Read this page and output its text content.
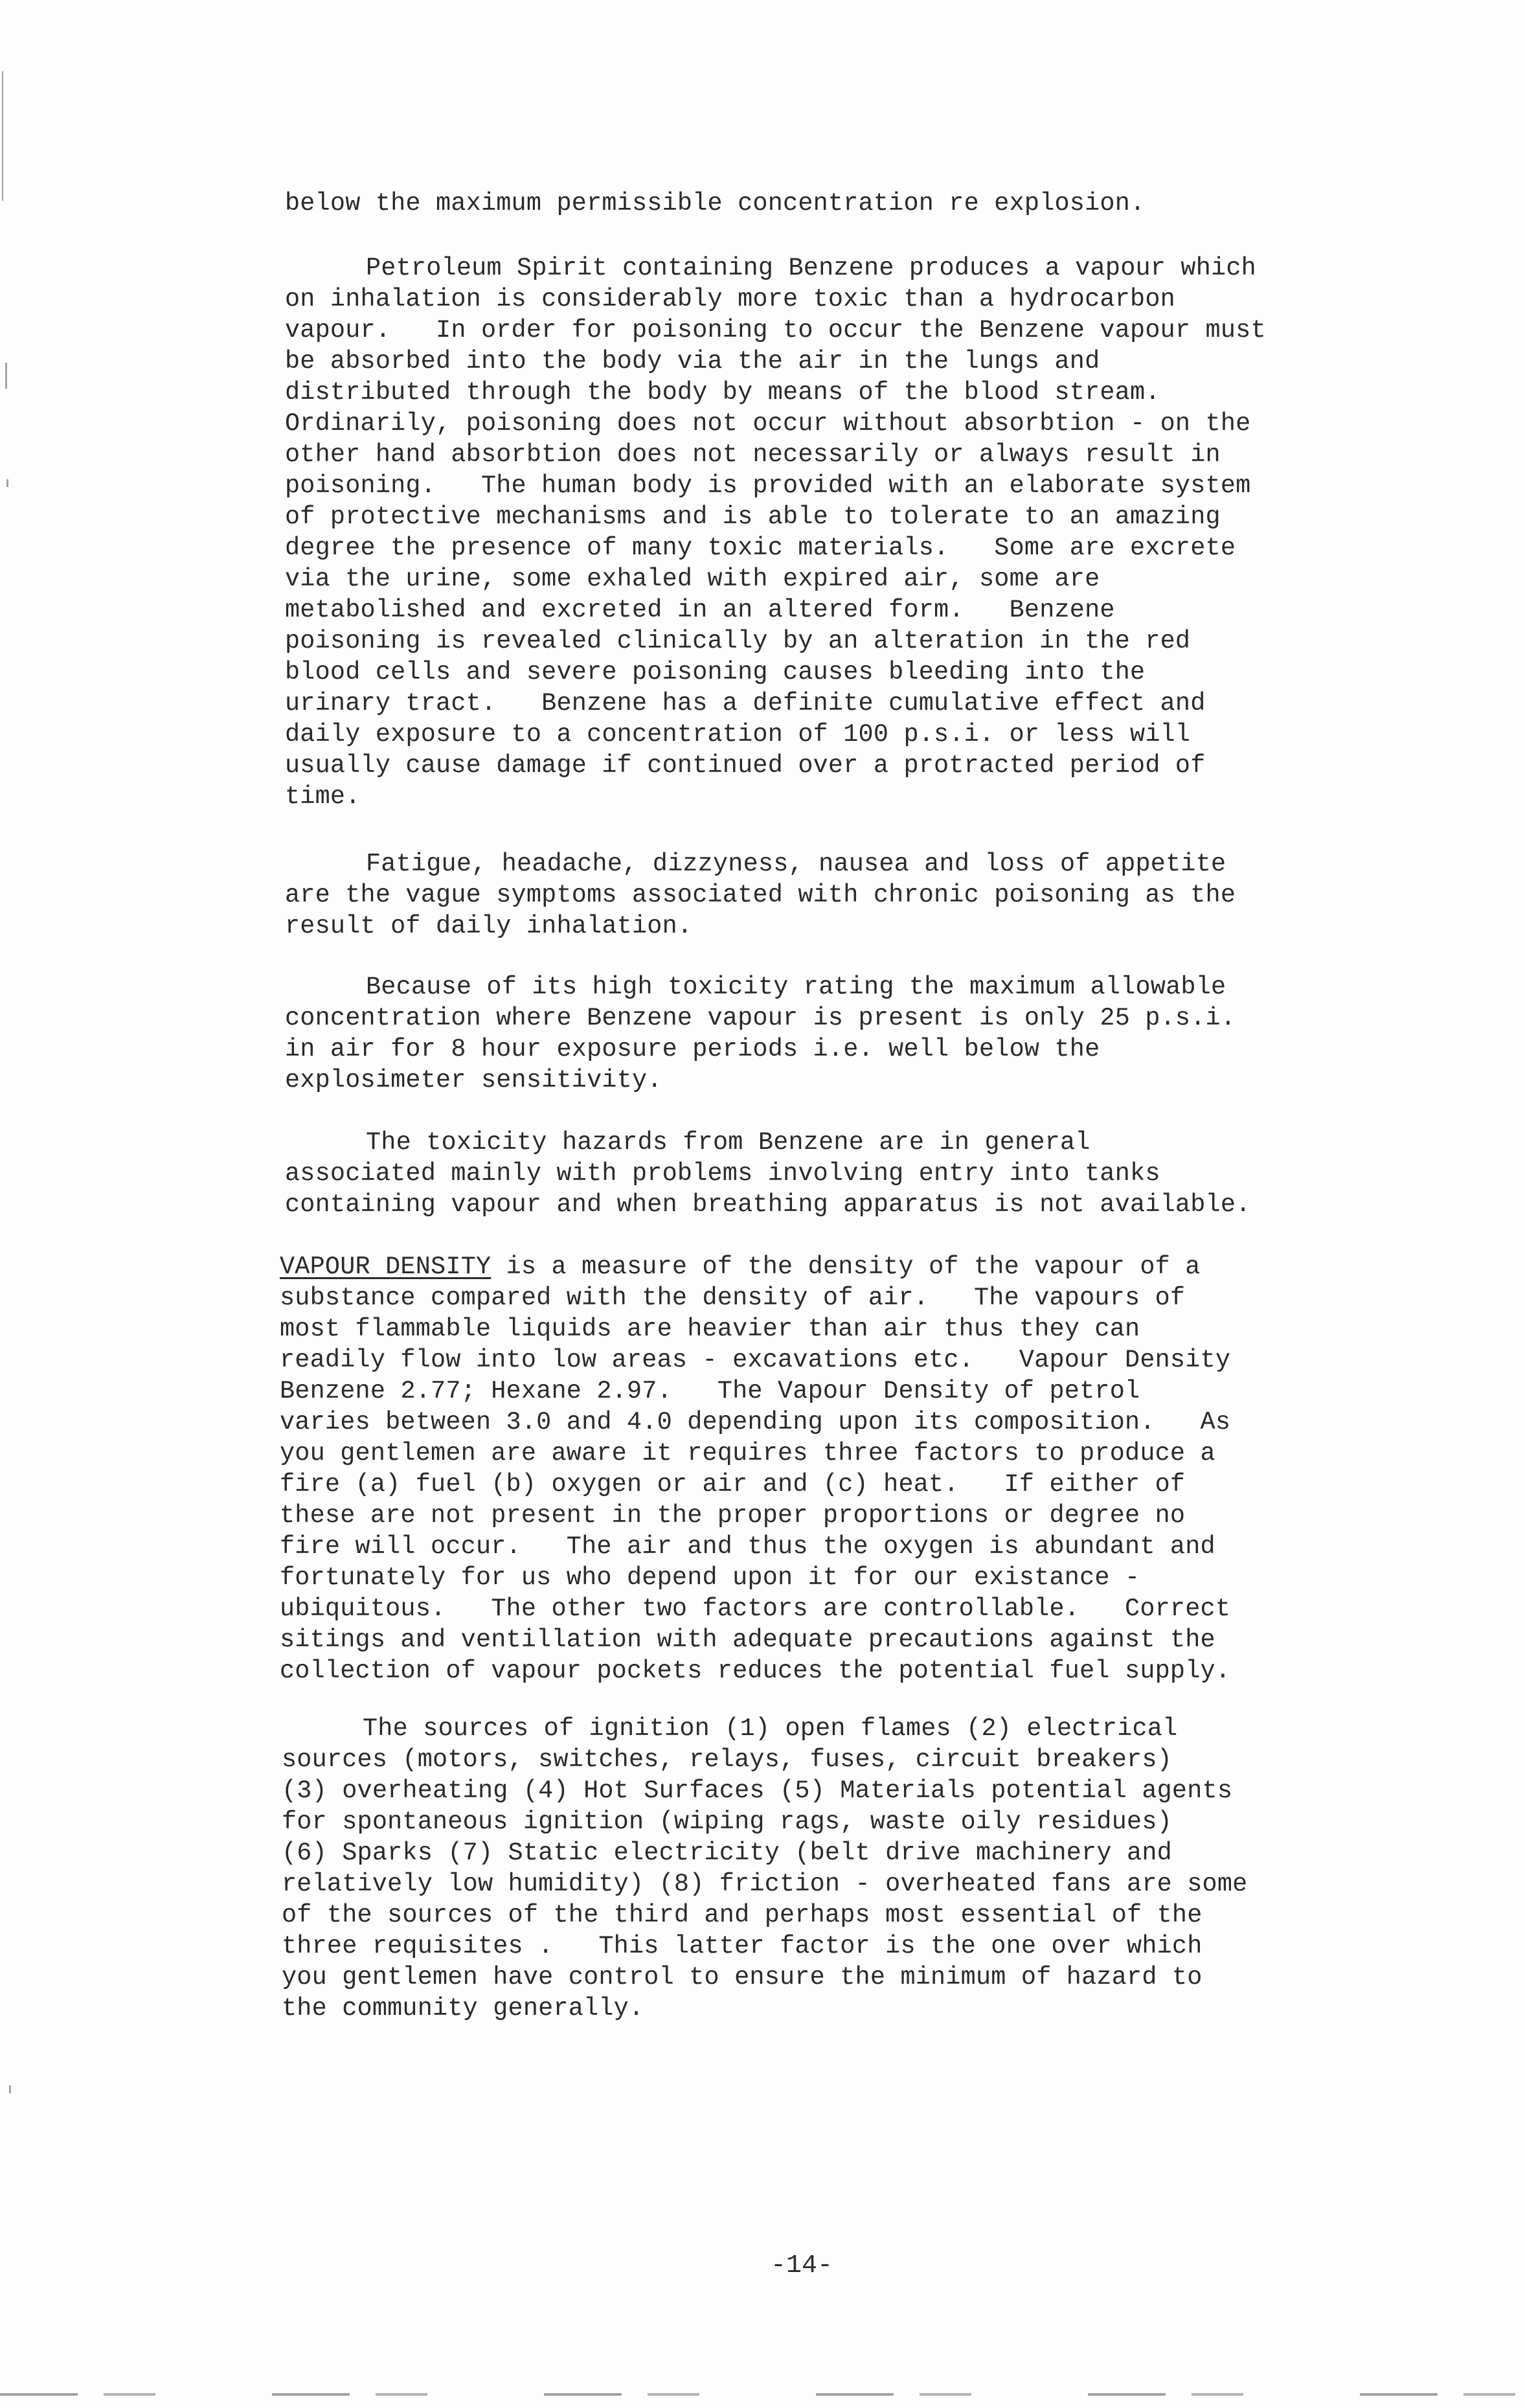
below the maximum permissible concentration re explosion.
Petroleum Spirit containing Benzene produces a vapour which
on inhalation is considerably more toxic than a hydrocarbon
vapour.   In order for poisoning to occur the Benzene vapour must
be absorbed into the body via the air in the lungs and
distributed through the body by means of the blood stream.
Ordinarily, poisoning does not occur without absorbtion - on the
other hand absorbtion does not necessarily or always result in
poisoning.   The human body is provided with an elaborate system
of protective mechanisms and is able to tolerate to an amazing
degree the presence of many toxic materials.   Some are excrete
via the urine, some exhaled with expired air, some are
metabolished and excreted in an altered form.   Benzene
poisoning is revealed clinically by an alteration in the red
blood cells and severe poisoning causes bleeding into the
urinary tract.   Benzene has a definite cumulative effect and
daily exposure to a concentration of 100 p.s.i. or less will
usually cause damage if continued over a protracted period of
time.
Fatigue, headache, dizzyness, nausea and loss of appetite
are the vague symptoms associated with chronic poisoning as the
result of daily inhalation.
Because of its high toxicity rating the maximum allowable
concentration where Benzene vapour is present is only 25 p.s.i.
in air for 8 hour exposure periods i.e. well below the
explosimeter sensitivity.
The toxicity hazards from Benzene are in general
associated mainly with problems involving entry into tanks
containing vapour and when breathing apparatus is not available.
VAPOUR DENSITY is a measure of the density of the vapour of a
substance compared with the density of air.   The vapours of
most flammable liquids are heavier than air thus they can
readily flow into low areas - excavations etc.   Vapour Density
Benzene 2.77; Hexane 2.97.   The Vapour Density of petrol
varies between 3.0 and 4.0 depending upon its composition.   As
you gentlemen are aware it requires three factors to produce a
fire (a) fuel (b) oxygen or air and (c) heat.   If either of
these are not present in the proper proportions or degree no
fire will occur.   The air and thus the oxygen is abundant and
fortunately for us who depend upon it for our existance -
ubiquitous.   The other two factors are controllable.   Correct
sitings and ventillation with adequate precautions against the
collection of vapour pockets reduces the potential fuel supply.
The sources of ignition (1) open flames (2) electrical
sources (motors, switches, relays, fuses, circuit breakers)
(3) overheating (4) Hot Surfaces (5) Materials potential agents
for spontaneous ignition (wiping rags, waste oily residues)
(6) Sparks (7) Static electricity (belt drive machinery and
relatively low humidity) (8) friction - overheated fans are some
of the sources of the third and perhaps most essential of the
three requisites .   This latter factor is the one over which
you gentlemen have control to ensure the minimum of hazard to
the community generally.
-14-
